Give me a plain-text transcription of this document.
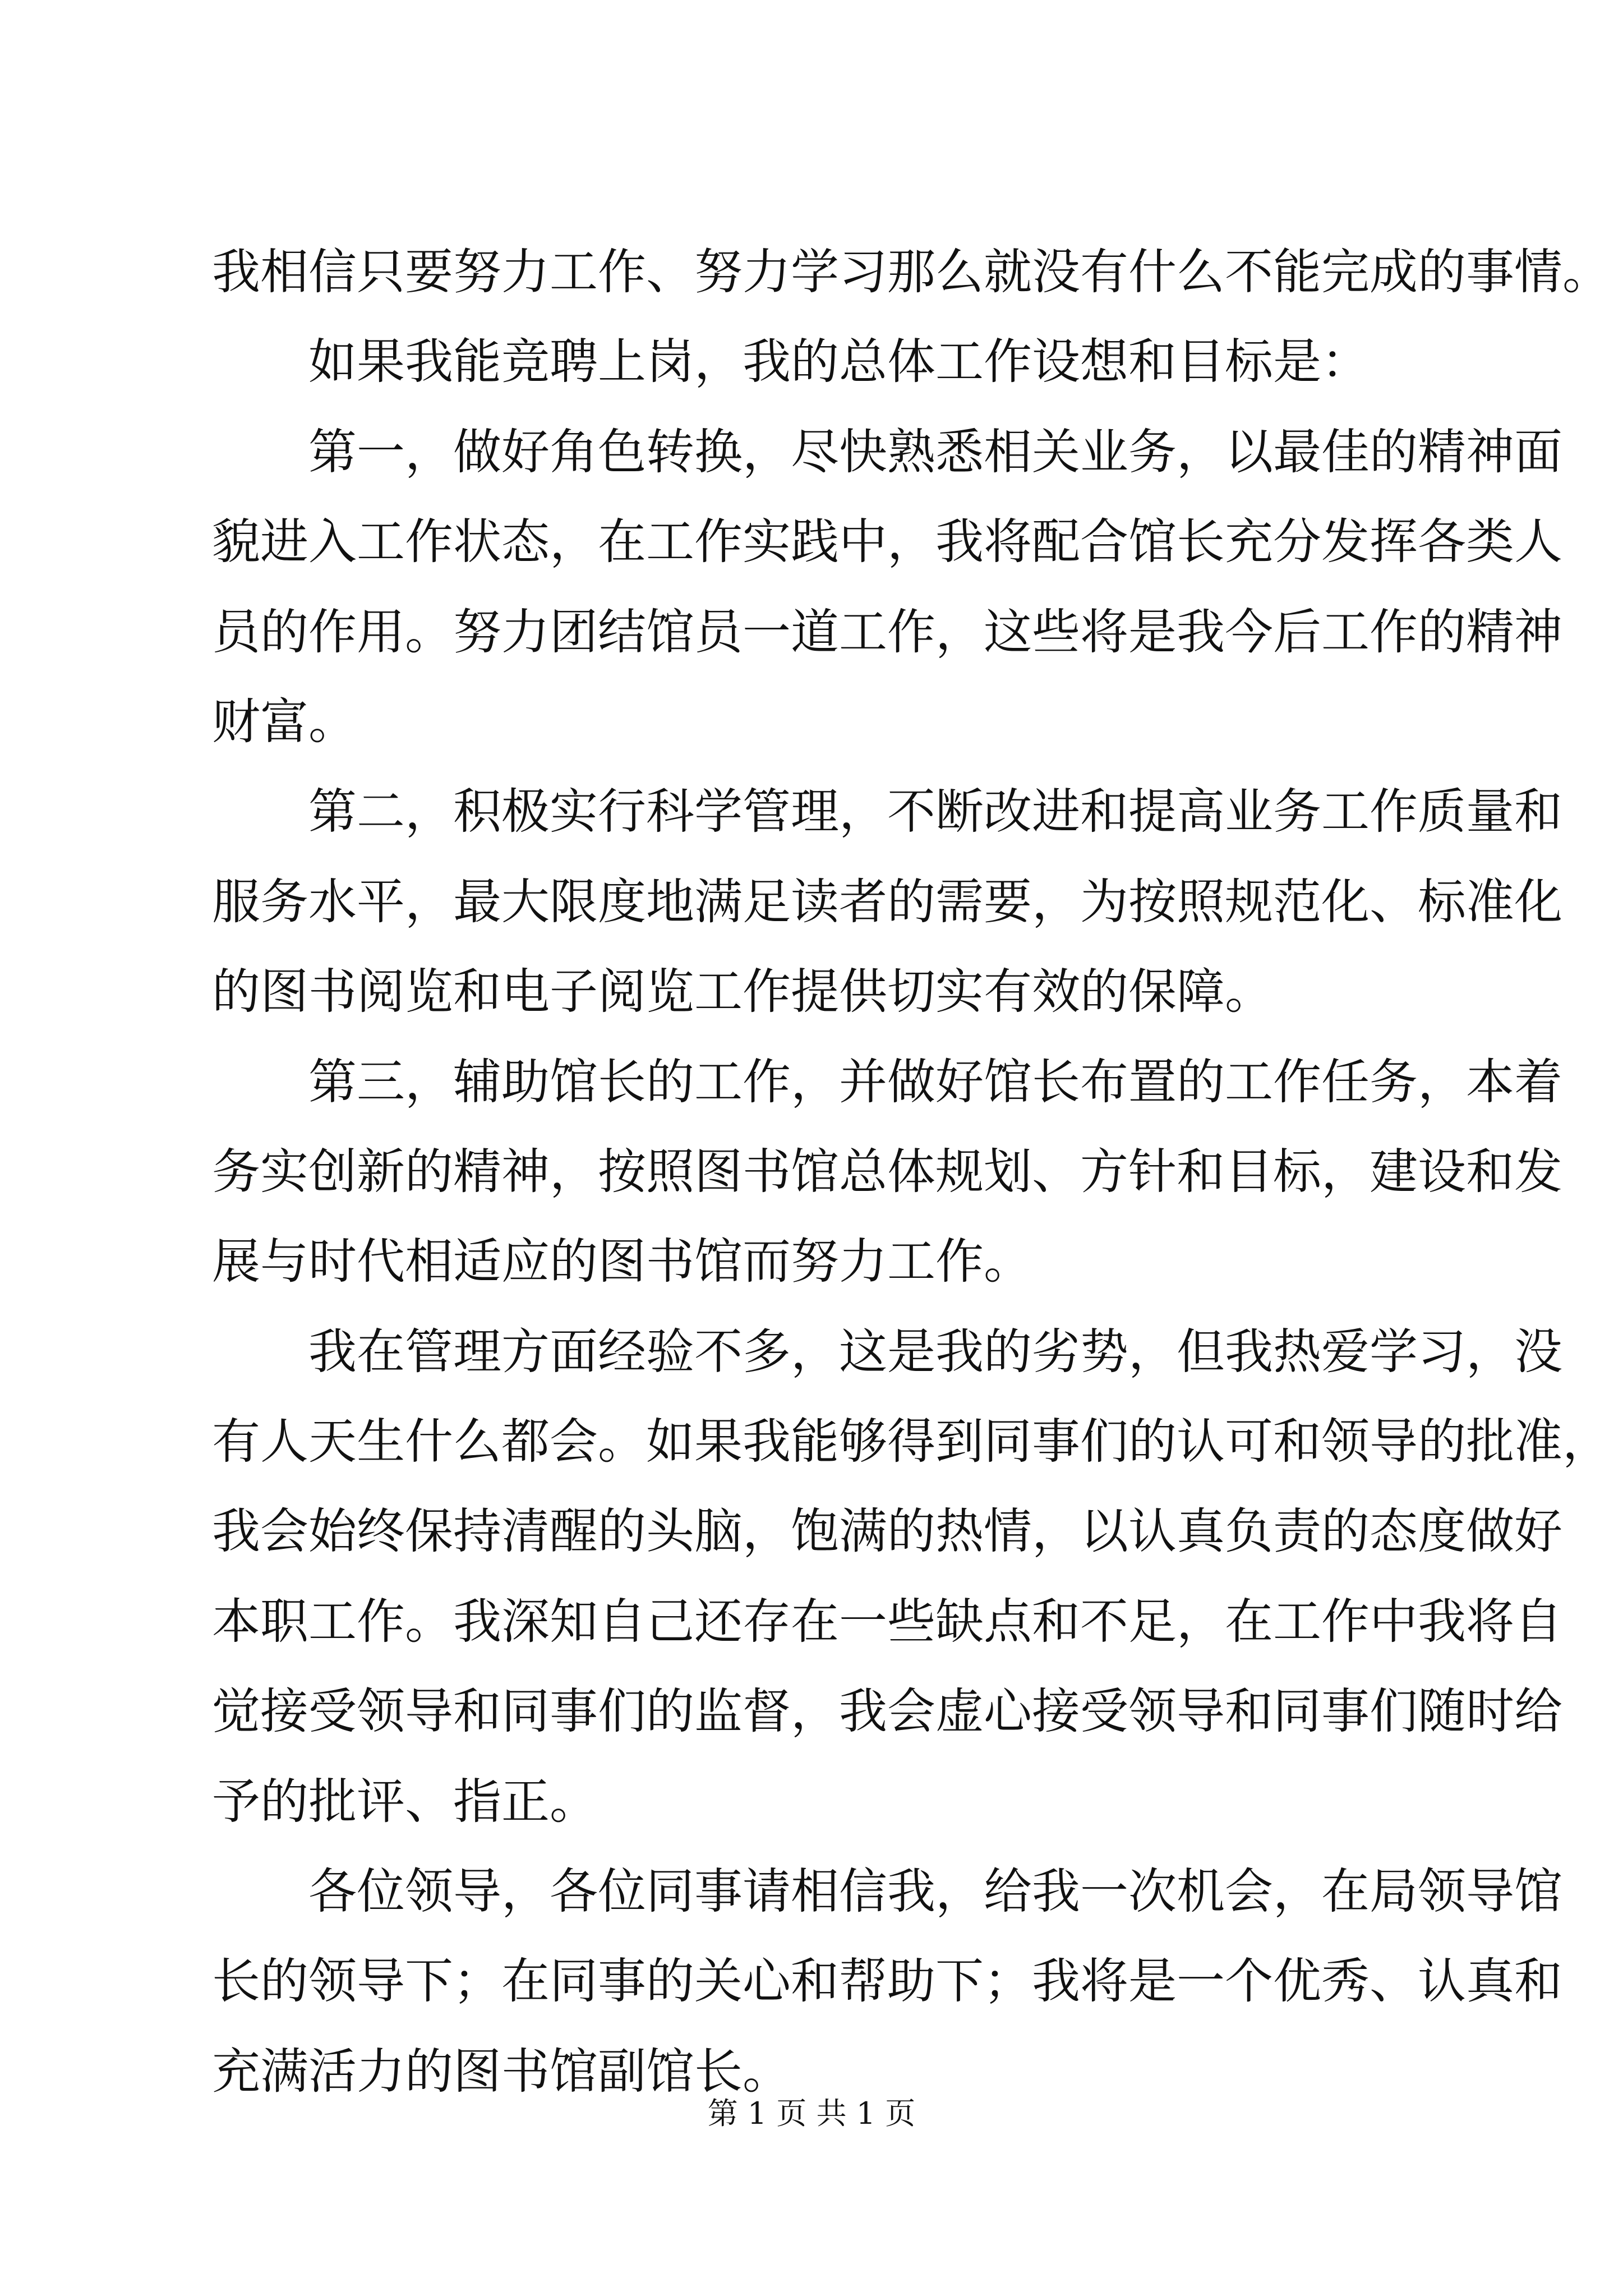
我相信只要努力工作、努力学习那么就没有什么不能完成的事情。
如果我能竞聘上岗，我的总体工作设想和目标是：
第一，做好角色转换，尽快熟悉相关业务，以最佳的精神面
貌进入工作状态，在工作实践中，我将配合馆长充分发挥各类人
员的作用。努力团结馆员一道工作，这些将是我今后工作的精神
财富。
第二，积极实行科学管理，不断改进和提高业务工作质量和
服务水平，最大限度地满足读者的需要，为按照规范化、标准化
的图书阅览和电子阅览工作提供切实有效的保障。
第三，辅助馆长的工作，并做好馆长布置的工作任务，本着
务实创新的精神，按照图书馆总体规划、方针和目标，建设和发
展与时代相适应的图书馆而努力工作。
我在管理方面经验不多，这是我的劣势，但我热爱学习，没
有人天生什么都会。如果我能够得到同事们的认可和领导的批准，
我会始终保持清醒的头脑，饱满的热情，以认真负责的态度做好
本职工作。我深知自己还存在一些缺点和不足，在工作中我将自
觉接受领导和同事们的监督，我会虚心接受领导和同事们随时给
予的批评、指正。
各位领导，各位同事请相信我，给我一次机会，在局领导馆
长的领导下；在同事的关心和帮助下；我将是一个优秀、认真和
充满活力的图书馆副馆长。
第 1 页 共 1 页
